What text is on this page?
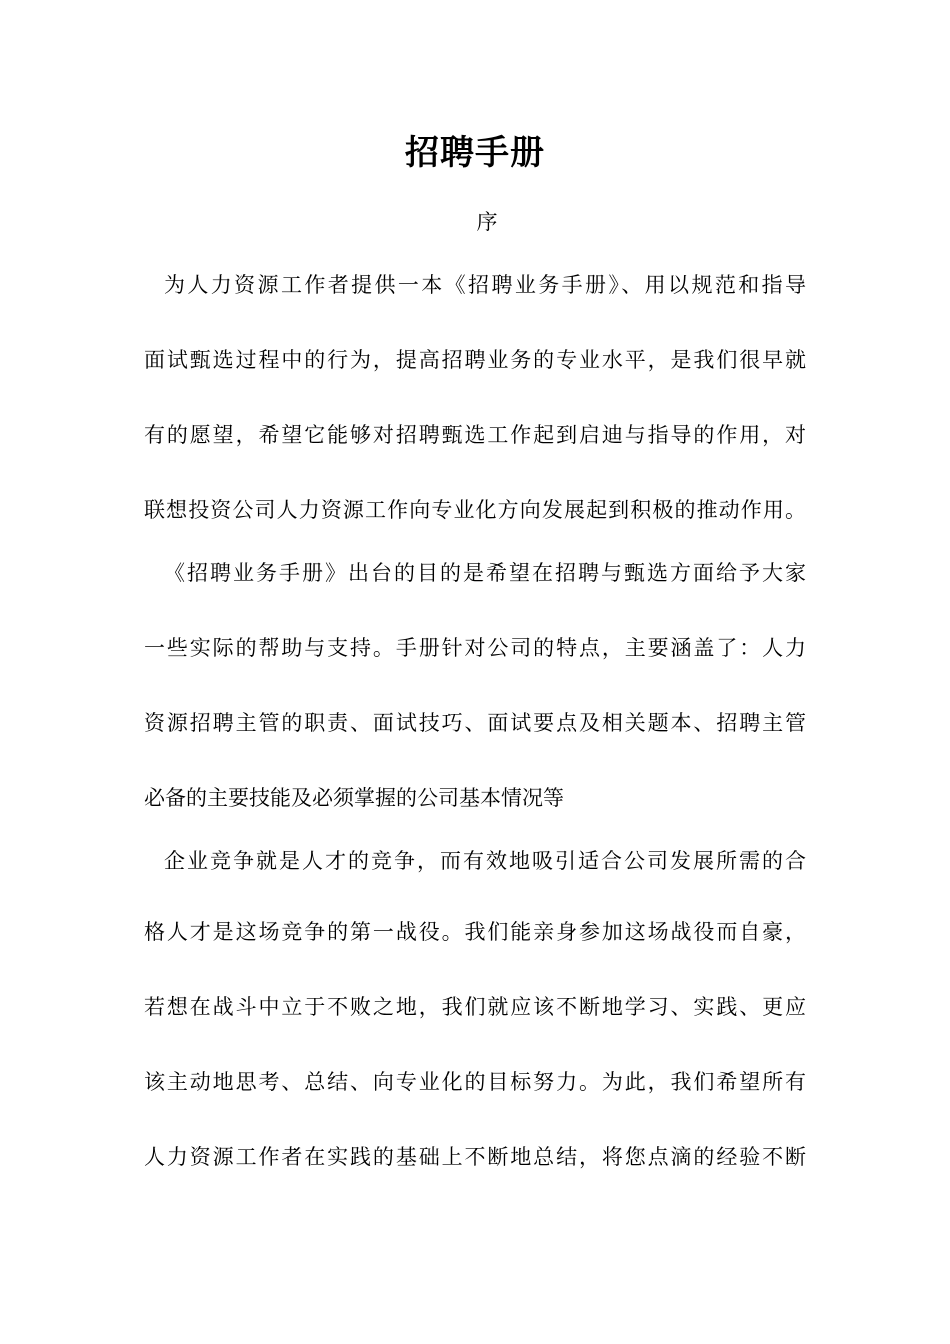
招聘手册
序
为人力资源工作者提供一本《招聘业务手册》、用以规范和指导
面试甄选过程中的行为，提高招聘业务的专业水平，是我们很早就
有的愿望，希望它能够对招聘甄选工作起到启迪与指导的作用，对
联想投资公司人力资源工作向专业化方向发展起到积极的推动作用。
《招聘业务手册》出台的目的是希望在招聘与甄选方面给予大家
一些实际的帮助与支持。手册针对公司的特点，主要涵盖了：人力
资源招聘主管的职责、面试技巧、面试要点及相关题本、招聘主管
必备的主要技能及必须掌握的公司基本情况等
企业竞争就是人才的竞争，而有效地吸引适合公司发展所需的合
格人才是这场竞争的第一战役。我们能亲身参加这场战役而自豪，
若想在战斗中立于不败之地，我们就应该不断地学习、实践、更应
该主动地思考、总结、向专业化的目标努力。为此，我们希望所有
人力资源工作者在实践的基础上不断地总结，将您点滴的经验不断
